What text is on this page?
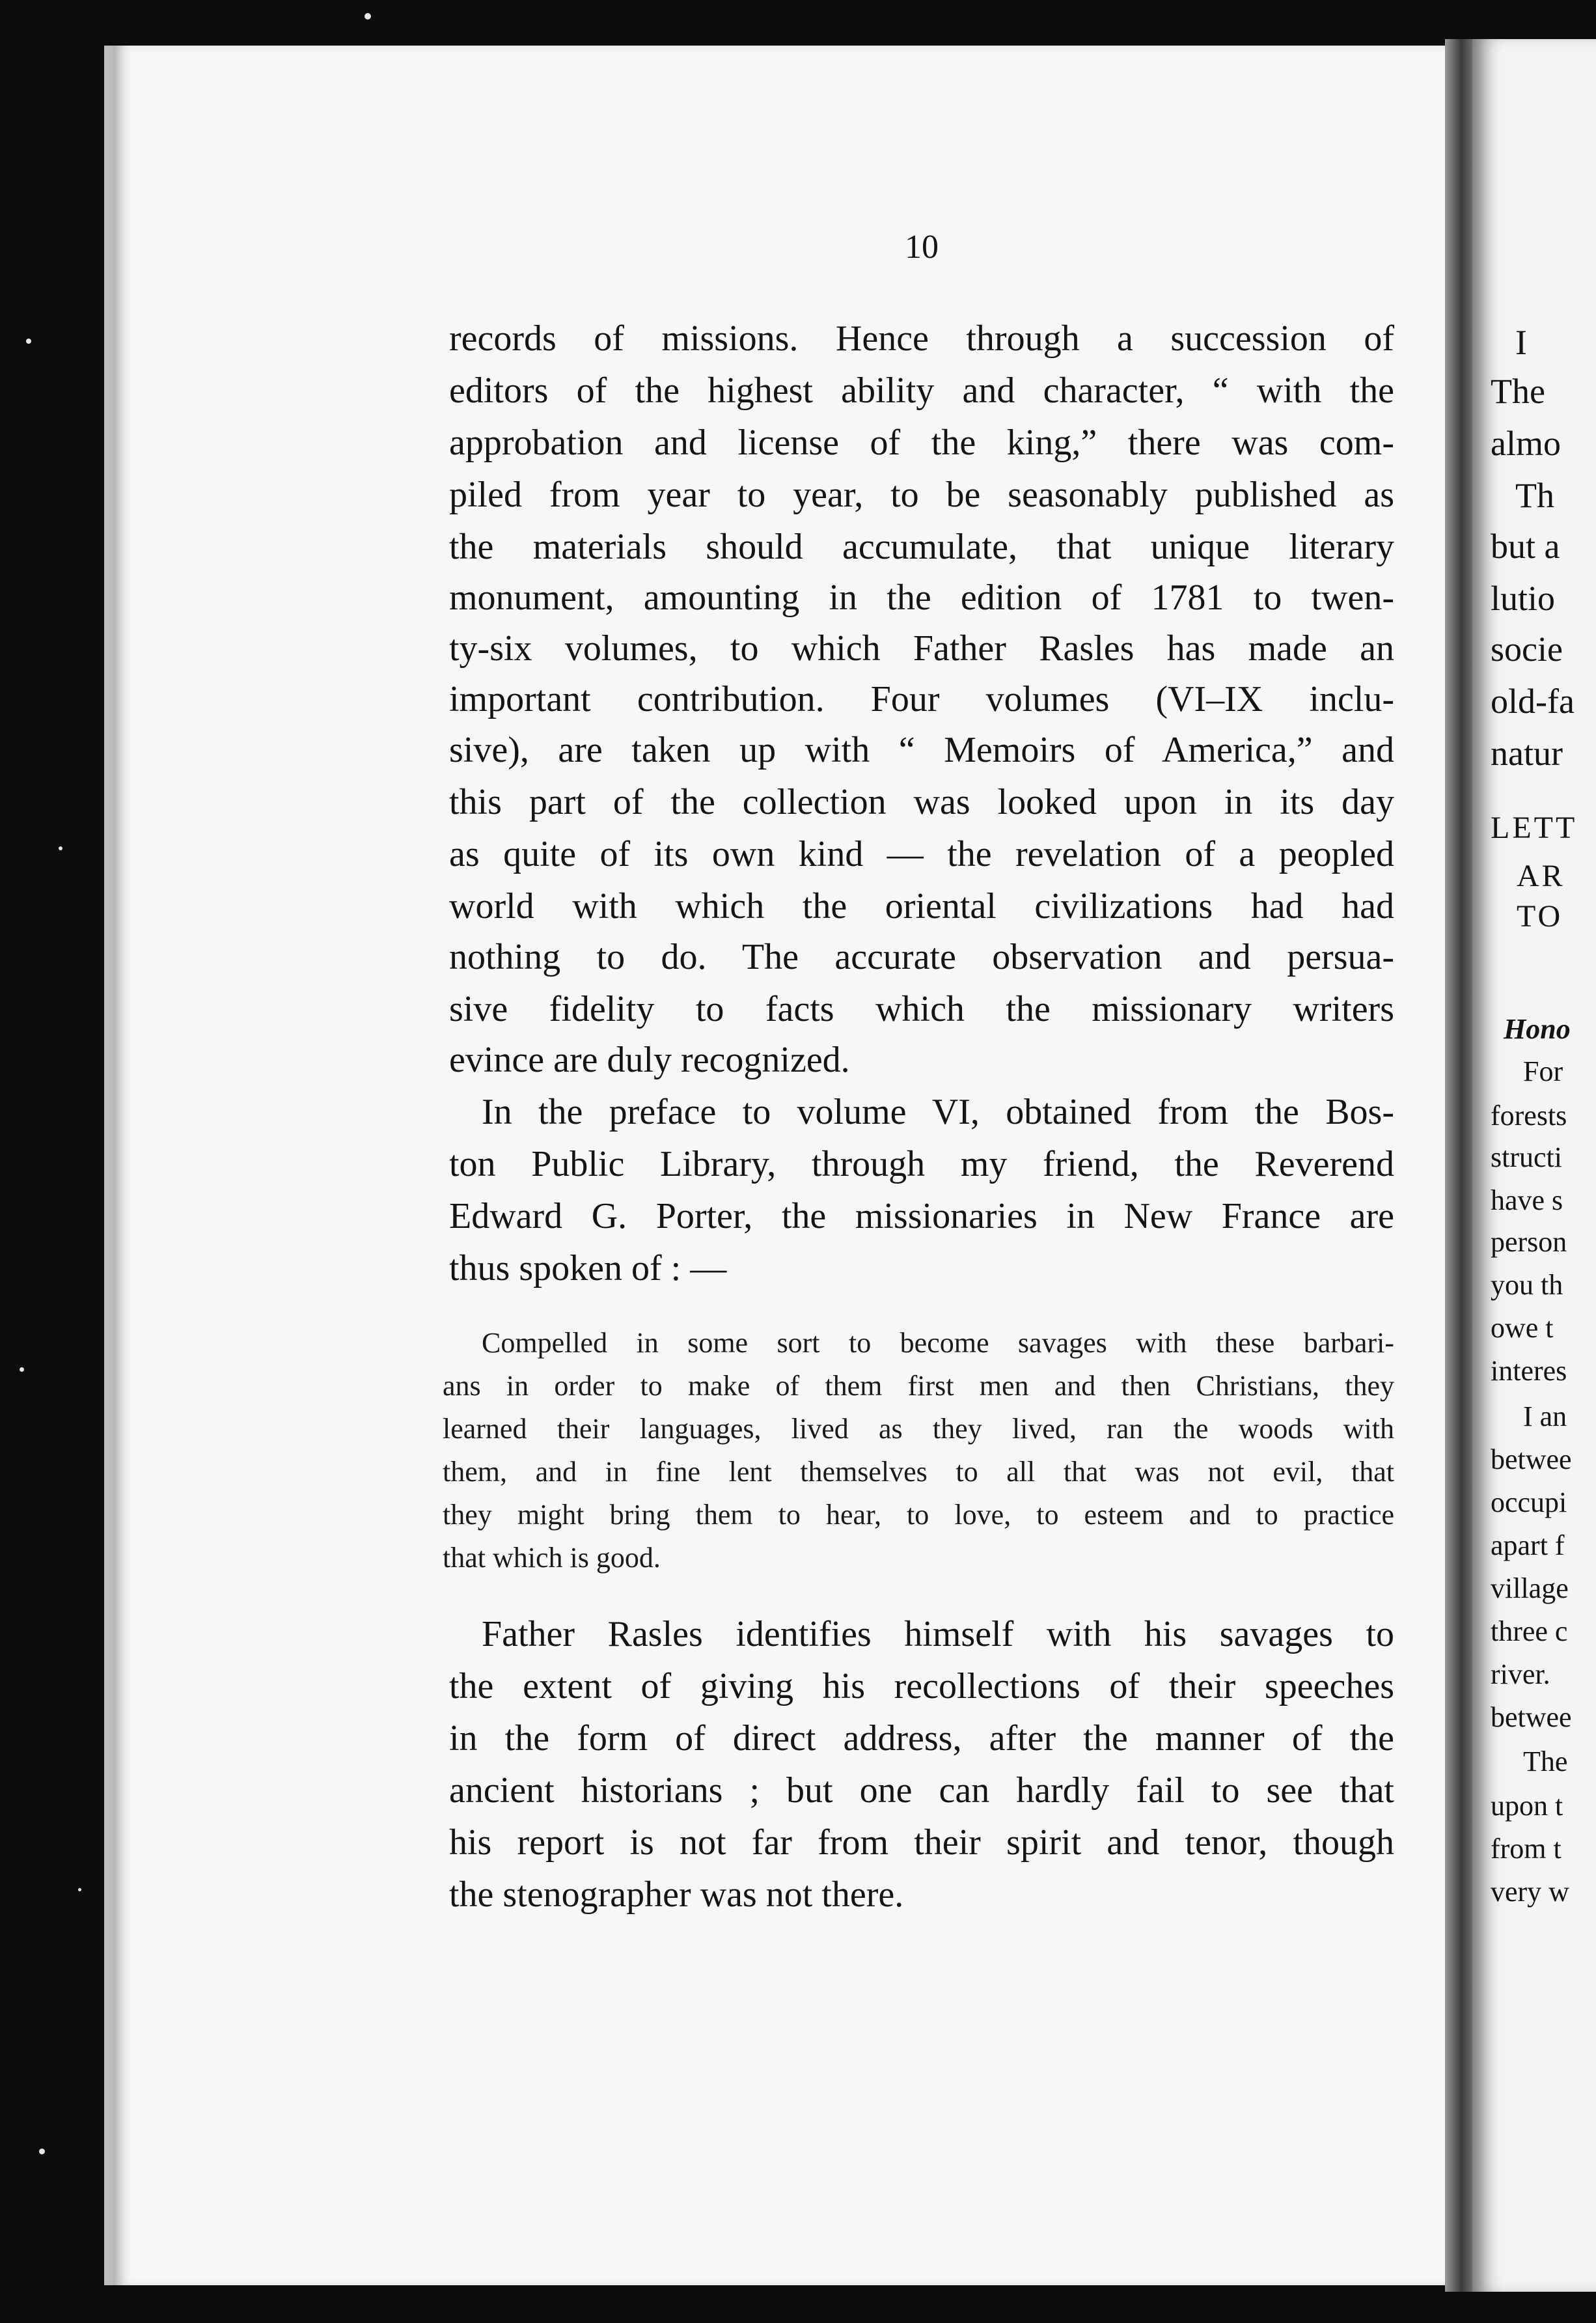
10
records of missions. Hence through a succession of
editors of the highest ability and character, “ with the
approbation and license of the king,” there was com-
piled from year to year, to be seasonably published as
the materials should accumulate, that unique literary
monument, amounting in the edition of 1781 to twen-
ty-six volumes, to which Father Rasles has made an
important contribution. Four volumes (VI–IX inclu-
sive), are taken up with “ Memoirs of America,” and
this part of the collection was looked upon in its day
as quite of its own kind — the revelation of a peopled
world with which the oriental civilizations had had
nothing to do. The accurate observation and persua-
sive fidelity to facts which the missionary writers
evince are duly recognized.
In the preface to volume VI, obtained from the Bos-
ton Public Library, through my friend, the Reverend
Edward G. Porter, the missionaries in New France are
thus spoken of : —
Compelled in some sort to become savages with these barbari-
ans in order to make of them first men and then Christians, they
learned their languages, lived as they lived, ran the woods with
them, and in fine lent themselves to all that was not evil, that
they might bring them to hear, to love, to esteem and to practice
that which is good.
Father Rasles identifies himself with his savages to
the extent of giving his recollections of their speeches
in the form of direct address, after the manner of the
ancient historians ; but one can hardly fail to see that
his report is not far from their spirit and tenor, though
the stenographer was not there.
I
The
almo
Th
but a
lutio
socie
old-fa
natur
LETT
AR
TO
Hono
For
forests
structi
have s
person
you th
owe t
interes
I an
betwee
occupi
apart f
village
three c
river.
betwee
The
upon t
from t
very w
